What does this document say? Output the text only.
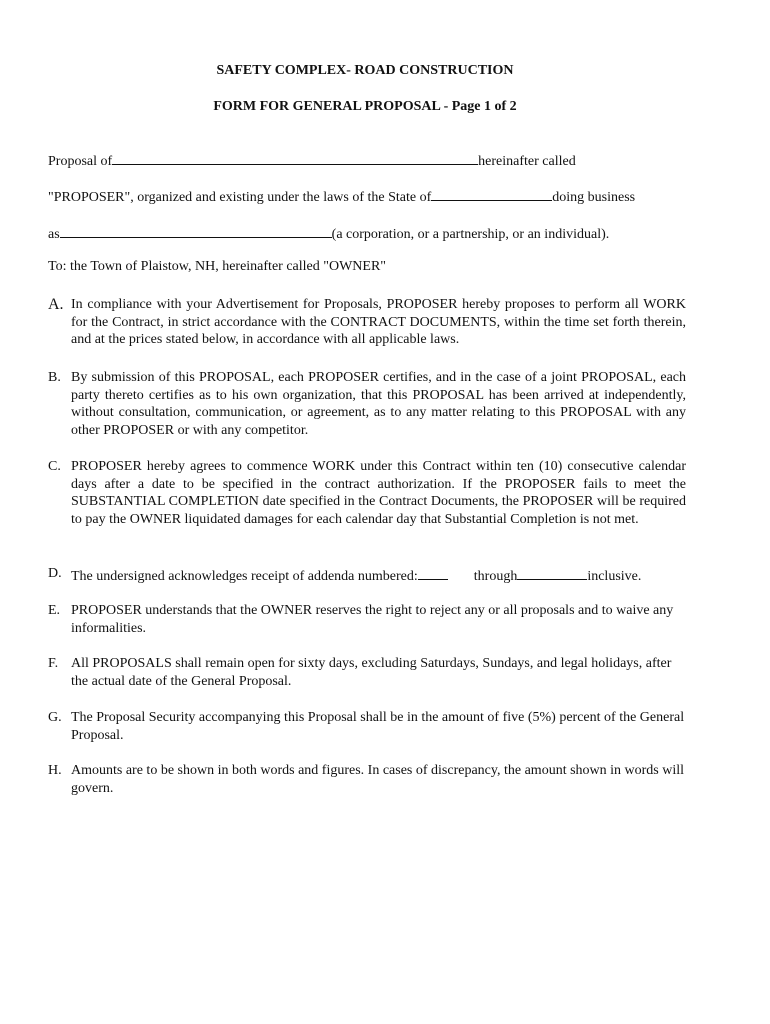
SAFETY COMPLEX- ROAD CONSTRUCTION
FORM FOR GENERAL PROPOSAL - Page 1 of 2
Proposal of	hereinafter called
"PROPOSER", organized and existing under the laws of the State of	doing business
as	(a corporation, or a partnership, or an individual).
To: the Town of Plaistow, NH, hereinafter called "OWNER"
A. In compliance with your Advertisement for Proposals, PROPOSER hereby proposes to perform all WORK for the Contract, in strict accordance with the CONTRACT DOCUMENTS, within the time set forth therein, and at the prices stated below, in accordance with all applicable laws.
B. By submission of this PROPOSAL, each PROPOSER certifies, and in the case of a joint PROPOSAL, each party thereto certifies as to his own organization, that this PROPOSAL has been arrived at independently, without consultation, communication, or agreement, as to any matter relating to this PROPOSAL with any other PROPOSER or with any competitor.
C. PROPOSER hereby agrees to commence WORK under this Contract within ten (10) consecutive calendar days after a date to be specified in the contract authorization. If the PROPOSER fails to meet the SUBSTANTIAL COMPLETION date specified in the Contract Documents, the PROPOSER will be required to pay the OWNER liquidated damages for each calendar day that Substantial Completion is not met.
D. The undersigned acknowledges receipt of addenda numbered:	through	inclusive.
E. PROPOSER understands that the OWNER reserves the right to reject any or all proposals and to waive any informalities.
F. All PROPOSALS shall remain open for sixty days, excluding Saturdays, Sundays, and legal holidays, after the actual date of the General Proposal.
G. The Proposal Security accompanying this Proposal shall be in the amount of five (5%) percent of the General Proposal.
H. Amounts are to be shown in both words and figures. In cases of discrepancy, the amount shown in words will govern.
